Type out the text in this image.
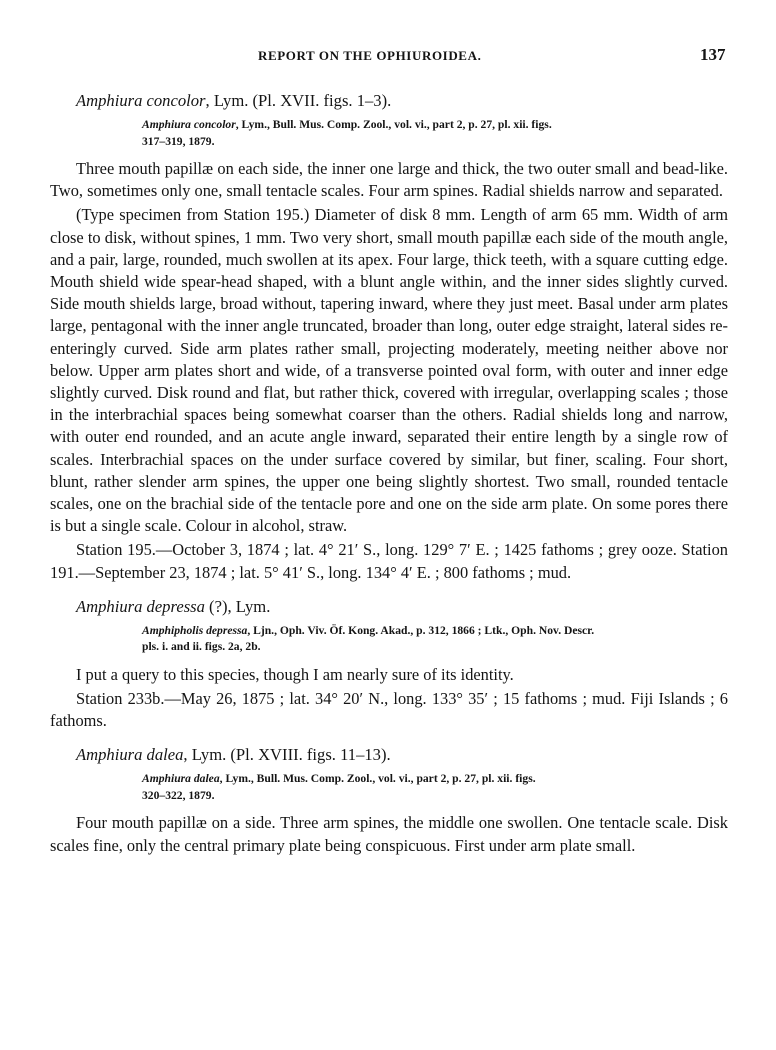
REPORT ON THE OPHIUROIDEA.	137
Amphiura concolor, Lym. (Pl. XVII. figs. 1–3).
Amphiura concolor, Lym., Bull. Mus. Comp. Zool., vol. vi., part 2, p. 27, pl. xii. figs.
317–319, 1879.

Three mouth papillæ on each side, the inner one large and thick, the two outer small and bead-like. Two, sometimes only one, small tentacle scales. Four arm spines. Radial shields narrow and separated.

(Type specimen from Station 195.) Diameter of disk 8 mm. Length of arm 65 mm. Width of arm close to disk, without spines, 1 mm. Two very short, small mouth papillæ each side of the mouth angle, and a pair, large, rounded, much swollen at its apex. Four large, thick teeth, with a square cutting edge. Mouth shield wide spear-head shaped, with a blunt angle within, and the inner sides slightly curved. Side mouth shields large, broad without, tapering inward, where they just meet. Basal under arm plates large, pentagonal with the inner angle truncated, broader than long, outer edge straight, lateral sides re-enteringly curved. Side arm plates rather small, projecting moderately, meeting neither above nor below. Upper arm plates short and wide, of a transverse pointed oval form, with outer and inner edge slightly curved. Disk round and flat, but rather thick, covered with irregular, overlapping scales ; those in the interbrachial spaces being somewhat coarser than the others. Radial shields long and narrow, with outer end rounded, and an acute angle inward, separated their entire length by a single row of scales. Interbrachial spaces on the under surface covered by similar, but finer, scaling. Four short, blunt, rather slender arm spines, the upper one being slightly shortest. Two small, rounded tentacle scales, one on the brachial side of the tentacle pore and one on the side arm plate. On some pores there is but a single scale. Colour in alcohol, straw.

Station 195.—October 3, 1874 ; lat. 4° 21′ S., long. 129° 7′ E. ; 1425 fathoms ; grey ooze. Station 191.—September 23, 1874 ; lat. 5° 41′ S., long. 134° 4′ E. ; 800 fathoms ; mud.

Amphiura depressa (?), Lym.
Amphipholis depressa, Ljn., Oph. Viv. Öf. Kong. Akad., p. 312, 1866 ; Ltk., Oph. Nov. Descr.
pls. i. and ii. figs. 2a, 2b.

I put a query to this species, though I am nearly sure of its identity.

Station 233b.—May 26, 1875 ; lat. 34° 20′ N., long. 133° 35′ ; 15 fathoms ; mud. Fiji Islands ; 6 fathoms.

Amphiura dalea, Lym. (Pl. XVIII. figs. 11–13).
Amphiura dalea, Lym., Bull. Mus. Comp. Zool., vol. vi., part 2, p. 27, pl. xii. figs.
320–322, 1879.

Four mouth papillæ on a side. Three arm spines, the middle one swollen. One tentacle scale. Disk scales fine, only the central primary plate being conspicuous. First under arm plate small.
